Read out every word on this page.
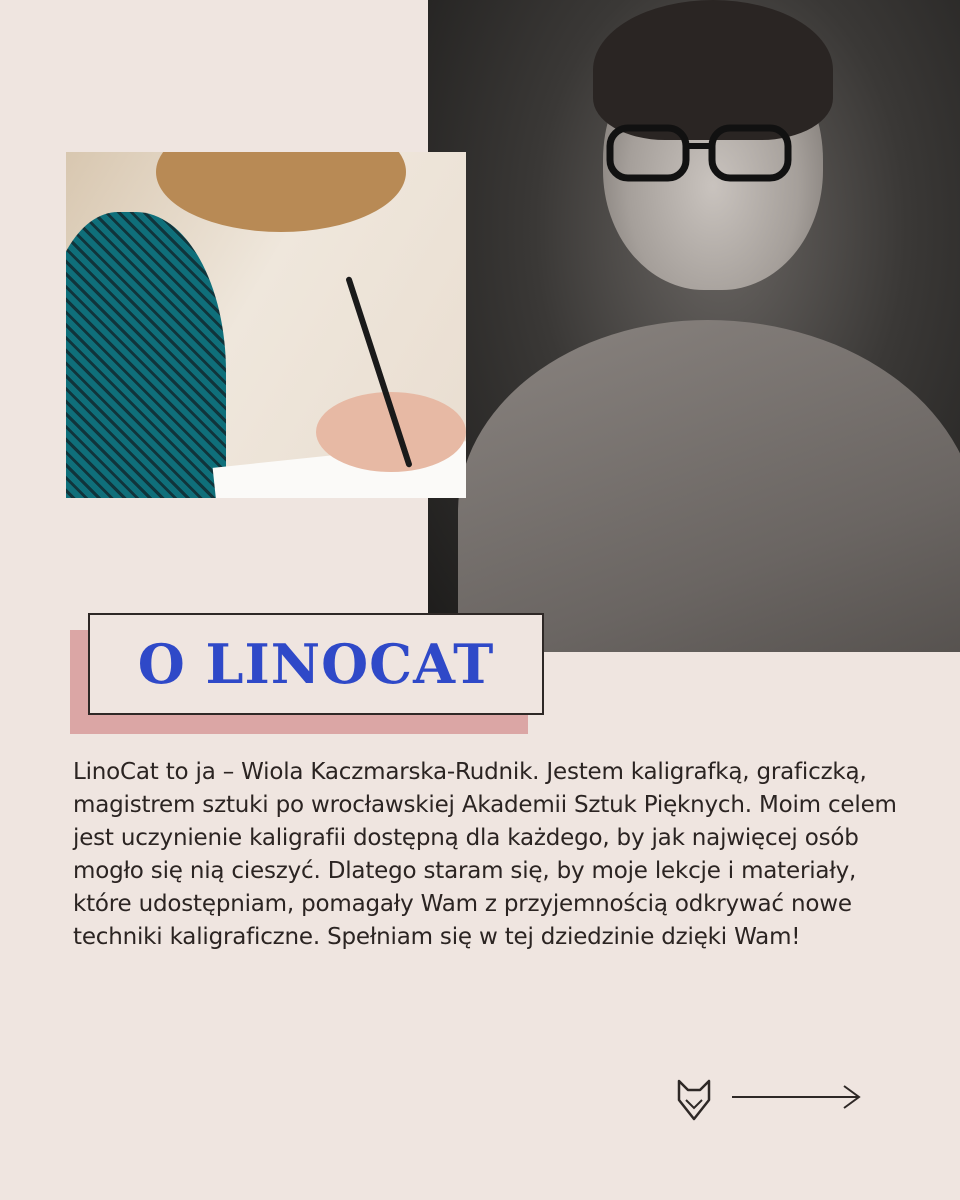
O LINOCAT

LinoCat to ja – Wiola Kaczmarska-Rudnik. Jestem kaligrafką, graficzką, magistrem sztuki po wrocławskiej Akademii Sztuk Pięknych. Moim celem jest uczynienie kaligrafii dostępną dla każdego, by jak najwięcej osób mogło się nią cieszyć. Dlatego staram się, by moje lekcje i materiały, które udostępniam, pomagały Wam z przyjemnością odkrywać nowe techniki kaligraficzne. Spełniam się w tej dziedzinie dzięki Wam!
